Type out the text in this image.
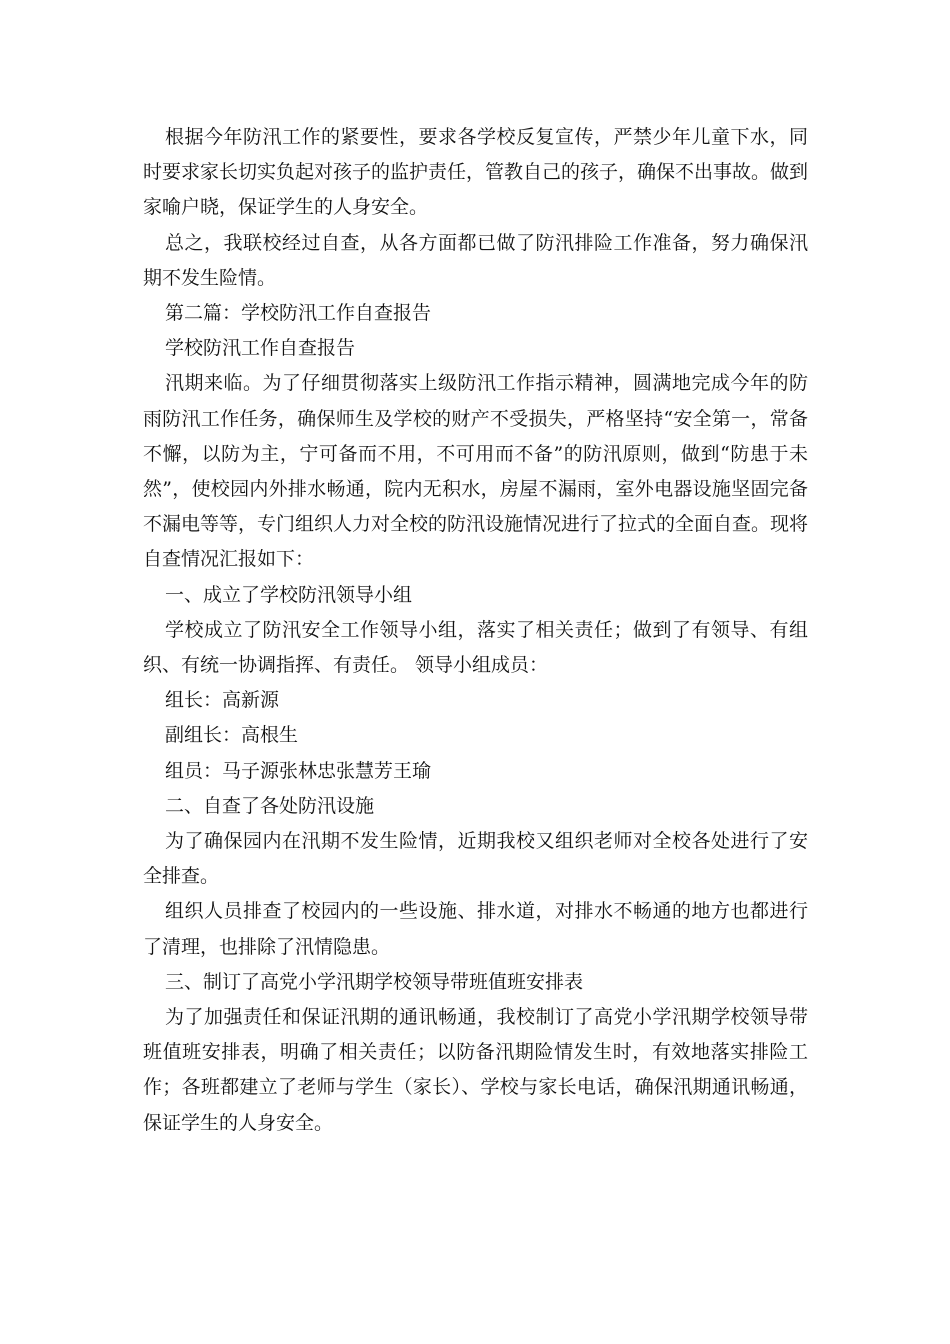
根据今年防汛工作的紧要性，要求各学校反复宣传，严禁少年儿童下水，同时要求家长切实负起对孩子的监护责任，管教自己的孩子，确保不出事故。做到家喻户晓，保证学生的人身安全。

总之，我联校经过自查，从各方面都已做了防汛排险工作准备，努力确保汛期不发生险情。

第二篇：学校防汛工作自查报告

学校防汛工作自查报告

汛期来临。为了仔细贯彻落实上级防汛工作指示精神，圆满地完成今年的防雨防汛工作任务，确保师生及学校的财产不受损失，严格坚持“安全第一，常备不懈，以防为主，宁可备而不用，不可用而不备”的防汛原则，做到“防患于未然”，使校园内外排水畅通，院内无积水，房屋不漏雨，室外电器设施坚固完备不漏电等等，专门组织人力对全校的防汛设施情况进行了拉式的全面自查。现将自查情况汇报如下：

一、成立了学校防汛领导小组

学校成立了防汛安全工作领导小组，落实了相关责任；做到了有领导、有组织、有统一协调指挥、有责任。 领导小组成员：

组长：高新源

副组长：高根生

组员：马子源张林忠张慧芳王瑜

二、自查了各处防汛设施

为了确保园内在汛期不发生险情，近期我校又组织老师对全校各处进行了安全排查。

组织人员排查了校园内的一些设施、排水道，对排水不畅通的地方也都进行了清理，也排除了汛情隐患。

三、制订了高党小学汛期学校领导带班值班安排表

为了加强责任和保证汛期的通讯畅通，我校制订了高党小学汛期学校领导带班值班安排表，明确了相关责任；以防备汛期险情发生时，有效地落实排险工作；各班都建立了老师与学生（家长）、学校与家长电话，确保汛期通讯畅通，保证学生的人身安全。
